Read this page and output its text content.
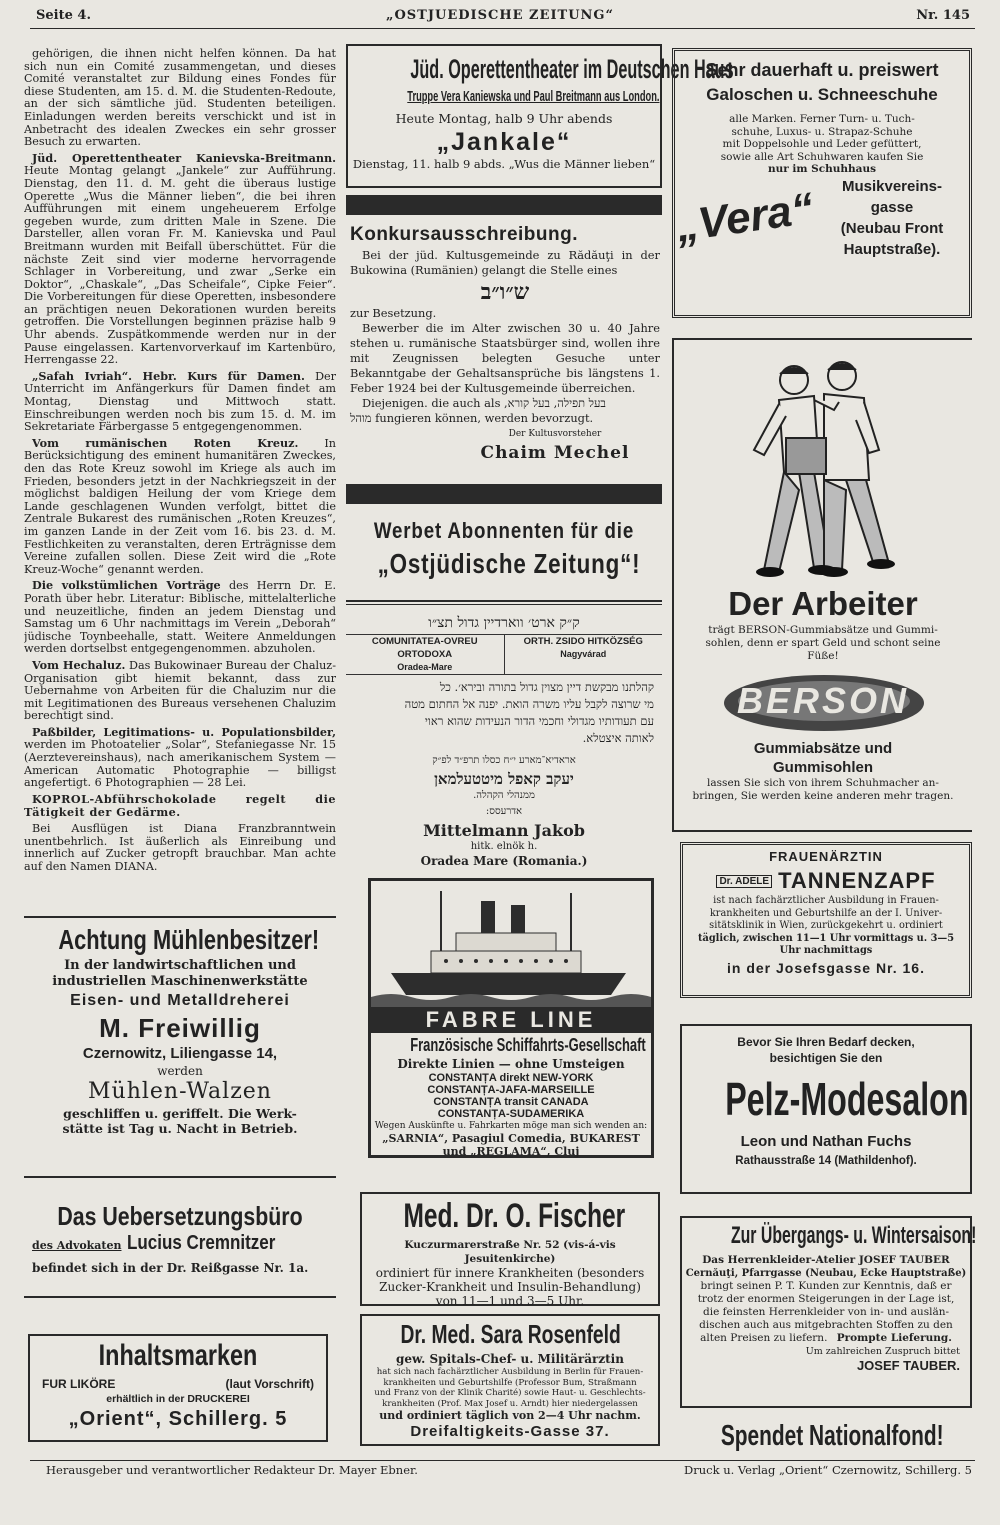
Seite 4.	„OSTJUEDISCHE ZEITUNG“	Nr. 145

gehörigen, die ihnen nicht helfen können. Da hat sich nun ein Comité zusammengetan, und dieses Comité veranstaltet zur Bildung eines Fondes für diese Studenten, am 15. d. M. die Studenten-Redoute, an der sich sämtliche jüd. Studenten beteiligen. Einladungen werden bereits verschickt und ist in Anbetracht des idealen Zweckes ein sehr grosser Besuch zu erwarten.

Jüd. Operettentheater Kanievska-Breitmann. Heute Montag gelangt „Jankele“ zur Aufführung. Dienstag, den 11. d. M. geht die überaus lustige Operette „Wus die Männer lieben“, die bei ihren Aufführungen mit einem ungeheuerem Erfolge gegeben wurde, zum dritten Male in Szene. Die Darsteller, allen voran Fr. M. Kanievska und Paul Breitmann wurden mit Beifall überschüttet. Für die nächste Zeit sind vier moderne hervorragende Schlager in Vorbereitung, und zwar „Serke ein Doktor“, „Chaskale“, „Das Scheifale“, Cipke Feier“. Die Vorbereitungen für diese Operetten, insbesondere an prächtigen neuen Dekorationen wurden bereits getroffen. Die Vorstellungen beginnen präzise halb 9 Uhr abends. Zuspätkommende werden nur in der Pause eingelassen. Kartenvorverkauf im Kartenbüro, Herrengasse 22.

„Safah Ivriah“. Hebr. Kurs für Damen. Der Unterricht im Anfängerkurs für Damen findet am Montag, Dienstag und Mittwoch statt. Einschreibungen werden noch bis zum 15. d. M. im Sekretariate Färbergasse 5 entgegengenommen.

Vom rumänischen Roten Kreuz. In Berücksichtigung des eminent humanitären Zweckes, den das Rote Kreuz sowohl im Kriege als auch im Frieden, besonders jetzt in der Nachkriegszeit in der möglichst baldigen Heilung der vom Kriege dem Lande geschlagenen Wunden verfolgt, bittet die Zentrale Bukarest des rumänischen „Roten Kreuzes“, im ganzen Lande in der Zeit vom 16. bis 23. d. M. Festlichkeiten zu veranstalten, deren Erträgnisse dem Vereine zufallen sollen. Diese Zeit wird die „Rote Kreuz-Woche“ genannt werden.

Die volkstümlichen Vorträge des Herrn Dr. E. Porath über hebr. Literatur: Biblische, mittelalterliche und neuzeitliche, finden an jedem Dienstag und Samstag um 6 Uhr nachmittags im Verein „Deborah“ jüdische Toynbeehalle, statt. Weitere Anmeldungen werden dortselbst entgegengenommen. abzuholen.

Vom Hechaluz. Das Bukowinaer Bureau der Chaluz-Organisation gibt hiemit bekannt, dass zur Uebernahme von Arbeiten für die Chaluzim nur die mit Legitimationen des Bureaus versehenen Chaluzim berechtigt sind.

Paßbilder, Legitimations- u. Populationsbilder, werden im Photoatelier „Solar“, Stefaniegasse Nr. 15 (Aerztevereinshaus), nach amerikanischem System — American Automatic Photographie — billigst angefertigt. 6 Photographien — 28 Lei.

KOPROL-Abführschokolade regelt die Tätigkeit der Gedärme.

Bei Ausflügen ist Diana Franzbranntwein unentbehrlich. Ist äußerlich als Einreibung und innerlich auf Zucker getropft brauchbar. Man achte auf den Namen DIANA.

Achtung Mühlenbesitzer!
In der landwirtschaftlichen und
industriellen Maschinenwerkstätte
Eisen- und Metalldreherei
M. Freiwillig
Czernowitz, Liliengasse 14,
werden
Mühlen-Walzen
geschliffen u. geriffelt. Die Werk-
stätte ist Tag u. Nacht in Betrieb.
Das Uebersetzungsbüro
des Advokaten Lucius Cremnitzer
befindet sich in der Dr. Reißgasse Nr. 1a.
Inhaltsmarken
FUR LIKÖRE	(laut Vorschrift)
erhältlich in der DRUCKEREI
„Orient“, Schillerg. 5
Jüd. Operettentheater im Deutschen Haus
Truppe Vera Kaniewska und Paul Breitmann aus London.
Heute Montag, halb 9 Uhr abends
„Jankale“
Dienstag, 11. halb 9 abds. „Wus die Männer lieben“
Konkursausschreibung.
Bei der jüd. Kultusgemeinde zu Rădăuţi in der Bukowina (Rumänien) gelangt die Stelle eines
ש״ו״ב
zur Besetzung.
Bewerber die im Alter zwischen 30 u. 40 Jahre stehen u. rumänische Staatsbürger sind, wollen ihre mit Zeugnissen belegten Gesuche unter Bekanntgabe der Gehaltsansprüche bis längstens 1. Feber 1924 bei der Kultusgemeinde überreichen.
Diejenigen. die auch als בעל תפילה, בעל קורא,
מוהל fungieren können, werden bevorzugt.
Der Kultusvorsteher
Chaim Mechel
Werbet Abonnenten für die
„Ostjüdische Zeitung“!
ק״ק ארט׳ ווארדיין גדול תצ״ו
COMUNITATEA-OVREU ORTODOXA
Oradea-Mare
ORTH. ZSIDO HITKÖZSÉG
Nagyvárad
קהלתנו מבקשת דיין מצוין גדול בתורה ובירא׳. כל
מי שרוצה לקבל עליו משרה הואת. יפנה אל החתום מטה
עם תעודותיו מגדולי וחכמי הדור הנעידות שהוא ראוי
לאותה איצטלא.
אראדיא־מארע י״ח כסלו תרפ״ד לפ״ק
יעקב קאפל מיטטעלמאן
ממנהלי הקהלה.
אדרעסס:
Mittelmann Jakob
hitk. elnök h.
Oradea Mare (Romania.)
FABRE LINE
Französische Schiffahrts-Gesellschaft
Direkte Linien — ohne Umsteigen
CONSTANȚA direkt NEW-YORK
CONSTANȚA-JAFA-MARSEILLE
CONSTANȚA transit CANADA
CONSTANȚA-SUDAMERIKA
Wegen Auskünfte u. Fahrkarten möge man sich wenden an:
„SARNIA“, Pasagiul Comedia, BUKAREST
und „REGLAMA“, Cluj
Med. Dr. O. Fischer
Kuczurmarerstraße Nr. 52 (vis-á-vis Jesuitenkirche)
ordiniert für innere Krankheiten (besonders
Zucker-Krankheit und Insulin-Behandlung)
von 11—1 und 3—5 Uhr.
Dr. Med. Sara Rosenfeld
gew. Spitals-Chef- u. Militärärztin
hat sich nach fachärztlicher Ausbildung in Berlin für Frauen-
krankheiten und Geburtshilfe (Professor Bum, Straßmann
und Franz von der Klinik Charité) sowie Haut- u. Geschlechts-
krankheiten (Prof. Max Josef u. Arndt) hier niedergelassen
und ordiniert täglich von 2—4 Uhr nachm.
Dreifaltigkeits-Gasse 37.
Sehr dauerhaft u. preiswert
Galoschen u. Schneeschuhe
alle Marken. Ferner Turn- u. Tuch-
schuhe, Luxus- u. Strapaz-Schuhe
mit Doppelsohle und Leder gefüttert,
sowie alle Art Schuhwaren kaufen Sie
nur im Schuhhaus
„Vera“	Musikvereins-
gasse
(Neubau Front
Hauptstraße).
Der Arbeiter
trägt BERSON-Gummiabsätze und Gummi-
sohlen, denn er spart Geld und schont seine
Füße!
BERSON
Gummiabsätze und
Gummisohlen
lassen Sie sich von ihrem Schuhmacher an-
bringen, Sie werden keine anderen mehr tragen.
FRAUENÄRZTIN
Dr. ADELE TANNENZAPF
ist nach fachärztlicher Ausbildung in Frauen-
krankheiten und Geburtshilfe an der I. Univer-
sitätsklinik in Wien, zurückgekehrt u. ordiniert
täglich, zwischen 11—1 Uhr vormittags u. 3—5
Uhr nachmittags
in der Josefsgasse Nr. 16.
Bevor Sie Ihren Bedarf decken,
besichtigen Sie den
Pelz-Modesalon
Leon und Nathan Fuchs
Rathausstraße 14 (Mathildenhof).
Zur Übergangs- u. Wintersaison!
Das Herrenkleider-Atelier JOSEF TAUBER
Cernăuţi, Pfarrgasse (Neubau, Ecke Hauptstraße)
bringt seinen P. T. Kunden zur Kenntnis, daß er
trotz der enormen Steigerungen in der Lage ist,
die feinsten Herrenkleider von in- und auslän-
dischen auch aus mitgebrachten Stoffen zu den
alten Preisen zu liefern. Prompte Lieferung.
Um zahlreichen Zuspruch bittet
JOSEF TAUBER.
Spendet Nationalfond!
Herausgeber und verantwortlicher Redakteur Dr. Mayer Ebner.	Druck u. Verlag „Orient“ Czernowitz, Schillerg. 5
